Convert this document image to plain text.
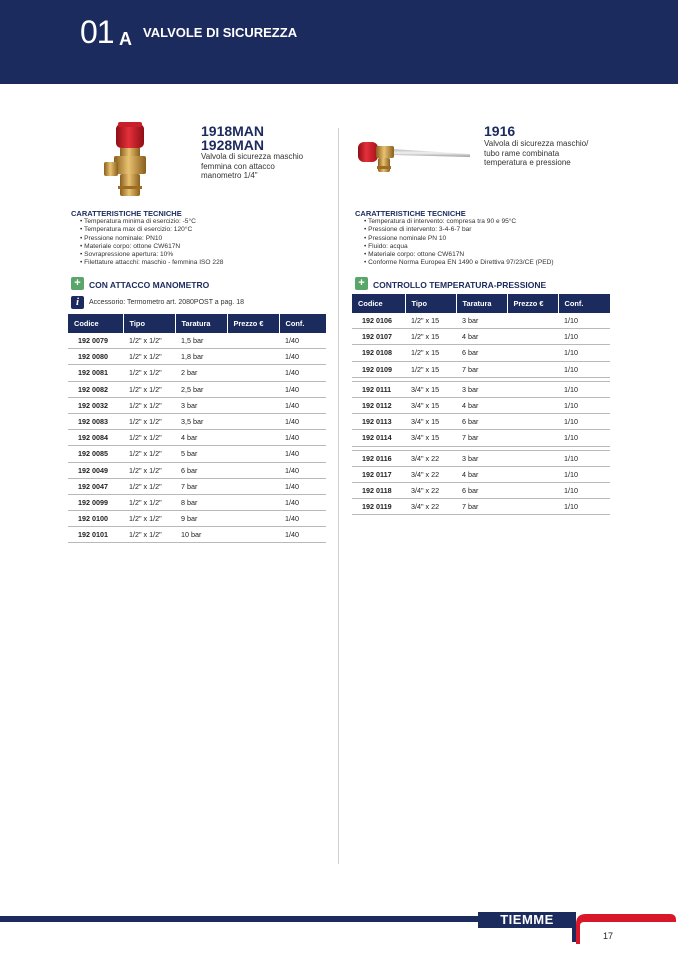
01 A VALVOLE DI SICUREZZA
1918MAN
1928MAN
Valvola di sicurezza maschio
femmina con attacco
manometro 1/4"
CARATTERISTICHE TECNICHE
• Temperatura minima di esercizio: -5°C
• Temperatura max di esercizio: 120°C
• Pressione nominale: PN10
• Materiale corpo: ottone CW617N
• Sovrapressione apertura: 10%
• Filettature attacchi: maschio - femmina ISO 228
+ CON ATTACCO MANOMETRO
i	Accessorio: Termometro art. 2080POST a pag. 18
Codice	Tipo	Taratura	Prezzo €	Conf.
192 0079	1/2" x 1/2"	1,5 bar		1/40
192 0080	1/2" x 1/2"	1,8 bar		1/40
192 0081	1/2" x 1/2"	2 bar		1/40
192 0082	1/2" x 1/2"	2,5 bar		1/40
192 0032	1/2" x 1/2"	3 bar		1/40
192 0083	1/2" x 1/2"	3,5 bar		1/40
192 0084	1/2" x 1/2"	4 bar		1/40
192 0085	1/2" x 1/2"	5 bar		1/40
192 0049	1/2" x 1/2"	6 bar		1/40
192 0047	1/2" x 1/2"	7 bar		1/40
192 0099	1/2" x 1/2"	8 bar		1/40
192 0100	1/2" x 1/2"	9 bar		1/40
192 0101	1/2" x 1/2"	10 bar		1/40
1916
Valvola di sicurezza maschio/
tubo rame combinata
temperatura e pressione
CARATTERISTICHE TECNICHE
• Temperatura di intervento: compresa tra 90 e 95°C
• Pressione di intervento: 3-4-6-7 bar
• Pressione nominale PN 10
• Fluido: acqua
• Materiale corpo: ottone CW617N
• Conforme Norma Europea EN 1490 e Direttiva 97/23/CE (PED)
+ CONTROLLO TEMPERATURA-PRESSIONE
Codice	Tipo	Taratura	Prezzo €	Conf.
192 0106	1/2" x 15	3 bar		1/10
192 0107	1/2" x 15	4 bar		1/10
192 0108	1/2" x 15	6 bar		1/10
192 0109	1/2" x 15	7 bar		1/10

192 0111	3/4" x 15	3 bar		1/10
192 0112	3/4" x 15	4 bar		1/10
192 0113	3/4" x 15	6 bar		1/10
192 0114	3/4" x 15	7 bar		1/10

192 0116	3/4" x 22	3 bar		1/10
192 0117	3/4" x 22	4 bar		1/10
192 0118	3/4" x 22	6 bar		1/10
192 0119	3/4" x 22	7 bar		1/10
TIEMME
17
